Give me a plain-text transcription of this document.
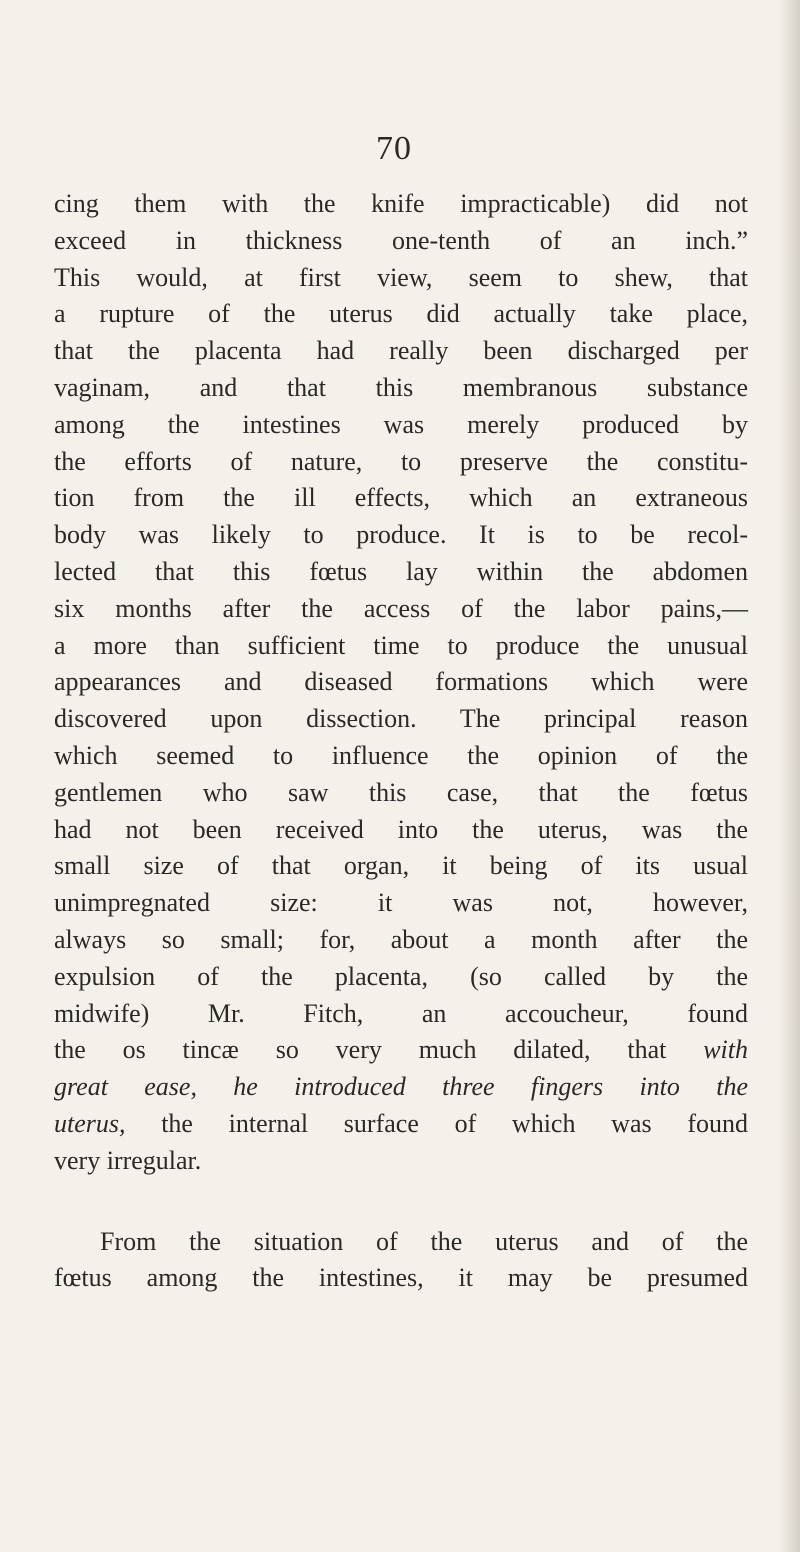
70
cing them with the knife impracticable) did not
exceed in thickness one-tenth of an inch.”
This would, at first view, seem to shew, that
a rupture of the uterus did actually take place,
that the placenta had really been discharged per
vaginam, and that this membranous substance
among the intestines was merely produced by
the efforts of nature, to preserve the constitu-
tion from the ill effects, which an extraneous
body was likely to produce. It is to be recol-
lected that this fœtus lay within the abdomen
six months after the access of the labor pains,—
a more than sufficient time to produce the unusual
appearances and diseased formations which were
discovered upon dissection. The principal reason
which seemed to influence the opinion of the
gentlemen who saw this case, that the fœtus
had not been received into the uterus, was the
small size of that organ, it being of its usual
unimpregnated size: it was not, however,
always so small; for, about a month after the
expulsion of the placenta, (so called by the
midwife) Mr. Fitch, an accoucheur, found
the os tincæ so very much dilated, that with
great ease, he introduced three fingers into the
uterus, the internal surface of which was found
very irregular.
From the situation of the uterus and of the
fœtus among the intestines, it may be presumed
